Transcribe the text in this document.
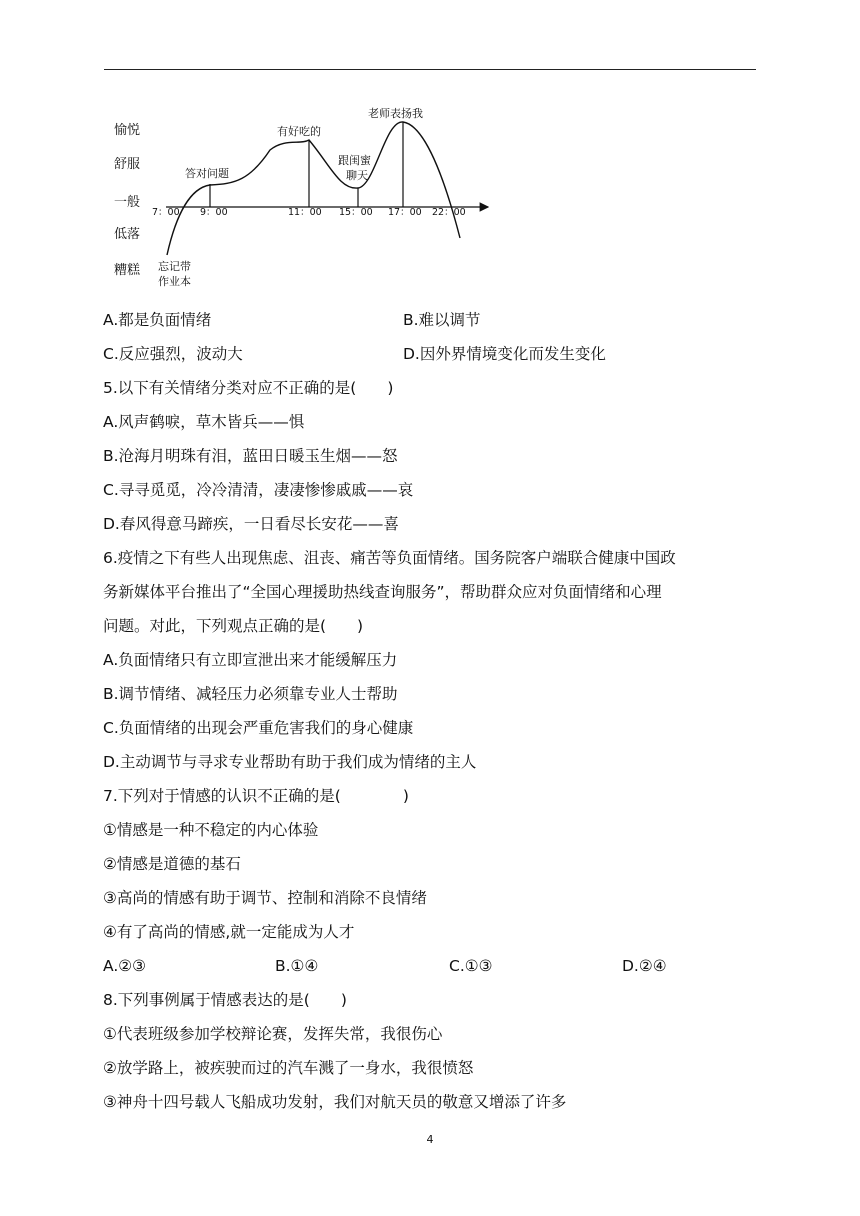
愉悦
舒服
一般
低落
糟糕
7：00 9：00	11：00 15：00 17：00 22：00
答对问题
有好吃的
老师表扬我
跟闺蜜 聊天
忘记带 作业本
A.都是负面情绪	B.难以调节
C.反应强烈，波动大	D.因外界情境变化而发生变化
5.以下有关情绪分类对应不正确的是(　　)
A.风声鹤唳，草木皆兵——惧
B.沧海月明珠有泪，蓝田日暖玉生烟——怒
C.寻寻觅觅，冷冷清清，凄凄惨惨戚戚——哀
D.春风得意马蹄疾，一日看尽长安花——喜
6.疫情之下有些人出现焦虑、沮丧、痛苦等负面情绪。国务院客户端联合健康中国政
务新媒体平台推出了“全国心理援助热线查询服务”，帮助群众应对负面情绪和心理
问题。对此，下列观点正确的是(　　)
A.负面情绪只有立即宣泄出来才能缓解压力
B.调节情绪、减轻压力必须靠专业人士帮助
C.负面情绪的出现会严重危害我们的身心健康
D.主动调节与寻求专业帮助有助于我们成为情绪的主人
7.下列对于情感的认识不正确的是(　　　　)
①情感是一种不稳定的内心体验
②情感是道德的基石
③高尚的情感有助于调节、控制和消除不良情绪
④有了高尚的情感,就一定能成为人才
A.②③	B.①④	C.①③	D.②④
8.下列事例属于情感表达的是(　　)
①代表班级参加学校辩论赛，发挥失常，我很伤心
②放学路上，被疾驶而过的汽车溅了一身水，我很愤怒
③神舟十四号载人飞船成功发射，我们对航天员的敬意又增添了许多
4
